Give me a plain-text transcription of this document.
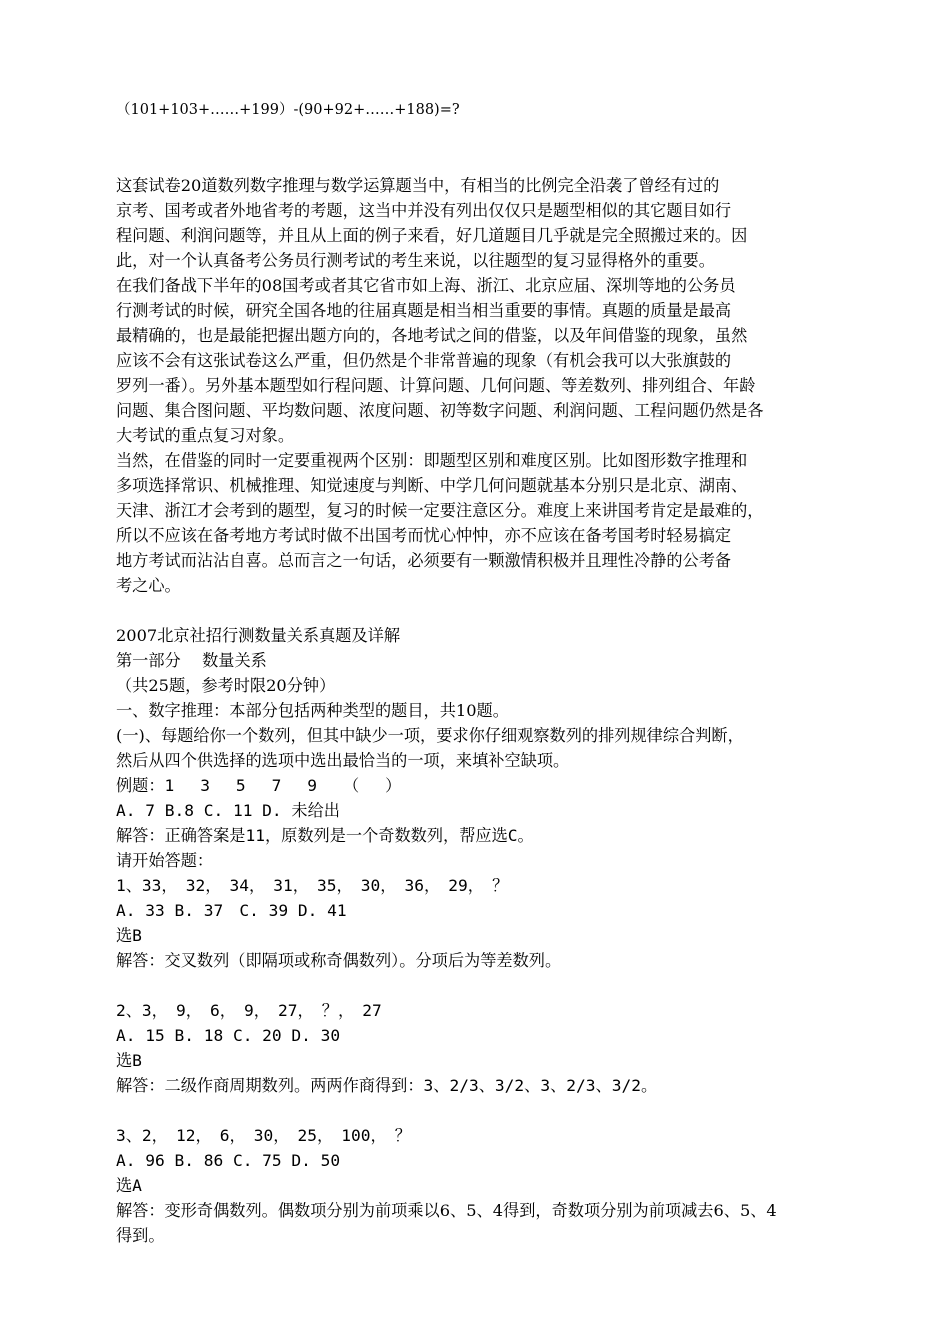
（101+103+……+199）-(90+92+……+188)=?
这套试卷20道数列数字推理与数学运算题当中，有相当的比例完全沿袭了曾经有过的
京考、国考或者外地省考的考题，这当中并没有列出仅仅只是题型相似的其它题目如行
程问题、利润问题等，并且从上面的例子来看，好几道题目几乎就是完全照搬过来的。因
此，对一个认真备考公务员行测考试的考生来说，以往题型的复习显得格外的重要。
在我们备战下半年的08国考或者其它省市如上海、浙江、北京应届、深圳等地的公务员
行测考试的时候，研究全国各地的往届真题是相当相当重要的事情。真题的质量是最高
最精确的，也是最能把握出题方向的，各地考试之间的借鉴，以及年间借鉴的现象，虽然
应该不会有这张试卷这么严重，但仍然是个非常普遍的现象（有机会我可以大张旗鼓的
罗列一番）。另外基本题型如行程问题、计算问题、几何问题、等差数列、排列组合、年龄
问题、集合图问题、平均数问题、浓度问题、初等数字问题、利润问题、工程问题仍然是各
大考试的重点复习对象。
当然，在借鉴的同时一定要重视两个区别：即题型区别和难度区别。比如图形数字推理和
多项选择常识、机械推理、知觉速度与判断、中学几何问题就基本分别只是北京、湖南、
天津、浙江才会考到的题型，复习的时候一定要注意区分。难度上来讲国考肯定是最难的，
所以不应该在备考地方考试时做不出国考而忧心忡忡，亦不应该在备考国考时轻易搞定
地方考试而沾沾自喜。总而言之一句话，必须要有一颗激情积极并且理性冷静的公考备
考之心。
2007北京社招行测数量关系真题及详解
第一部分　 数量关系
（共25题，参考时限20分钟）
一、数字推理：本部分包括两种类型的题目，共10题。
(一)、每题给你一个数列，但其中缺少一项，要求你仔细观察数列的排列规律综合判断，
然后从四个供选择的选项中选出最恰当的一项，来填补空缺项。
例题：1　 3　 5　 7　 9　 （　 ）
A. 7 B.8 C. 11 D. 未给出
解答：正确答案是11，原数列是一个奇数数列，帮应选C。
请开始答题：
1、33，　32，　34，　31，　35，　30，　36，　29，　？
A. 33 B. 37　C. 39 D. 41
选B
解答：交叉数列（即隔项或称奇偶数列）。分项后为等差数列。
2、3，　9，　6，　9，　27，　？，　27
A. 15 B. 18 C. 20 D. 30
选B
解答：二级作商周期数列。两两作商得到：3、2/3、3/2、3、2/3、3/2。
3、2，　12，　6，　30，　25，　100，　？
A. 96 B. 86 C. 75 D. 50
选A
解答：变形奇偶数列。偶数项分别为前项乘以6、5、4得到，奇数项分别为前项减去6、5、4
得到。
